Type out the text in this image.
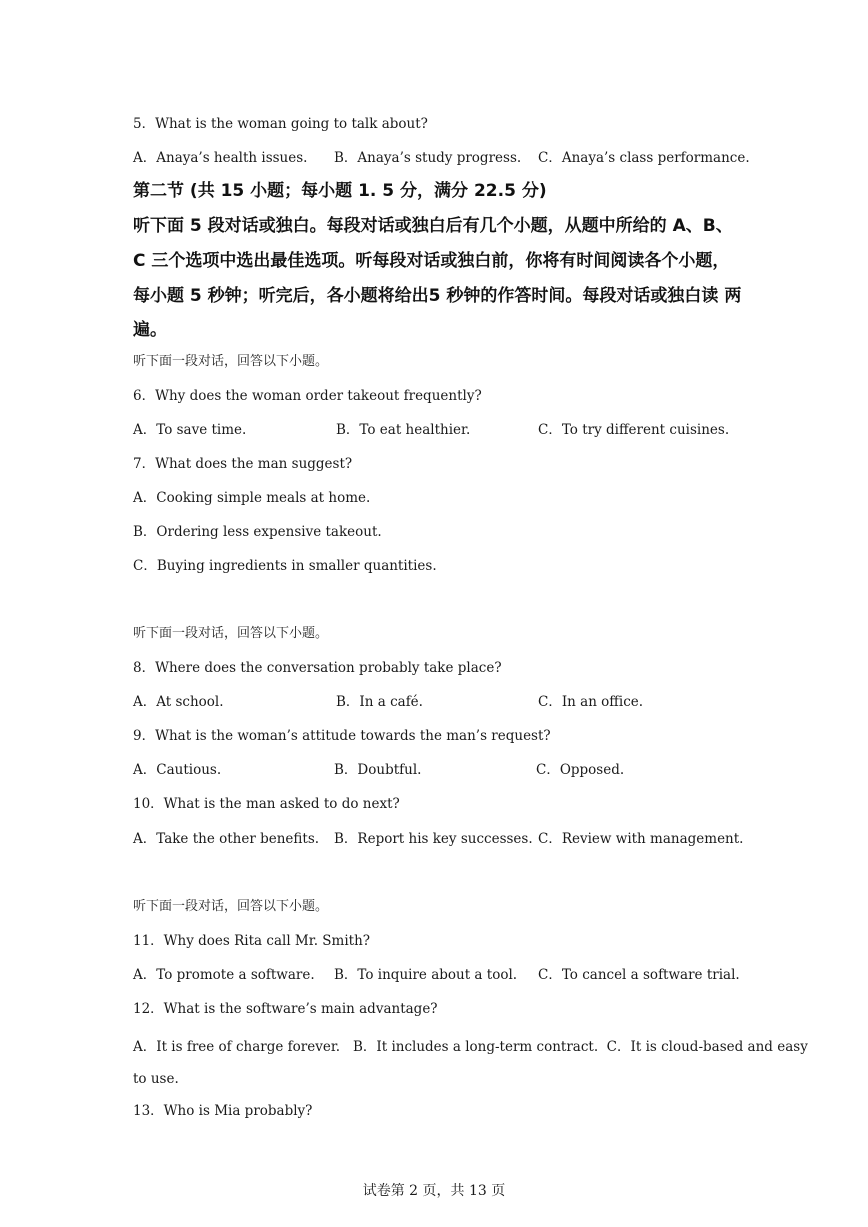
5．What is the woman going to talk about?
A．Anaya’s health issues. B．Anaya’s study progress. C．Anaya’s class performance.
第二节 (共 15 小题；每小题 1. 5 分，满分 22.5 分)
听下面 5 段对话或独白。每段对话或独白后有几个小题，从题中所给的 A、B、
C 三个选项中选出最佳选项。听每段对话或独白前，你将有时间阅读各个小题，
每小题 5 秒钟；听完后，各小题将给出5 秒钟的作答时间。每段对话或独白读 两
遍。
听下面一段对话，回答以下小题。
6．Why does the woman order takeout frequently?
A．To save time.	B．To eat healthier.	C．To try different cuisines.
7．What does the man suggest?
A．Cooking simple meals at home.
B．Ordering less expensive takeout.
C．Buying ingredients in smaller quantities.
听下面一段对话，回答以下小题。
8．Where does the conversation probably take place?
A．At school.	B．In a café.	C．In an office.
9．What is the woman’s attitude towards the man’s request?
A．Cautious.	B．Doubtful.	C．Opposed.
10．What is the man asked to do next?
A．Take the other benefits. B．Report his key successes. C．Review with management.
听下面一段对话，回答以下小题。
11．Why does Rita call Mr. Smith?
A．To promote a software. B．To inquire about a tool. C．To cancel a software trial.
12．What is the software’s main advantage?
A．It is free of charge forever.   B．It includes a long-term contract.  C．It is cloud-based and easy
to use.
13．Who is Mia probably?
试卷第 2 页，共 13 页
